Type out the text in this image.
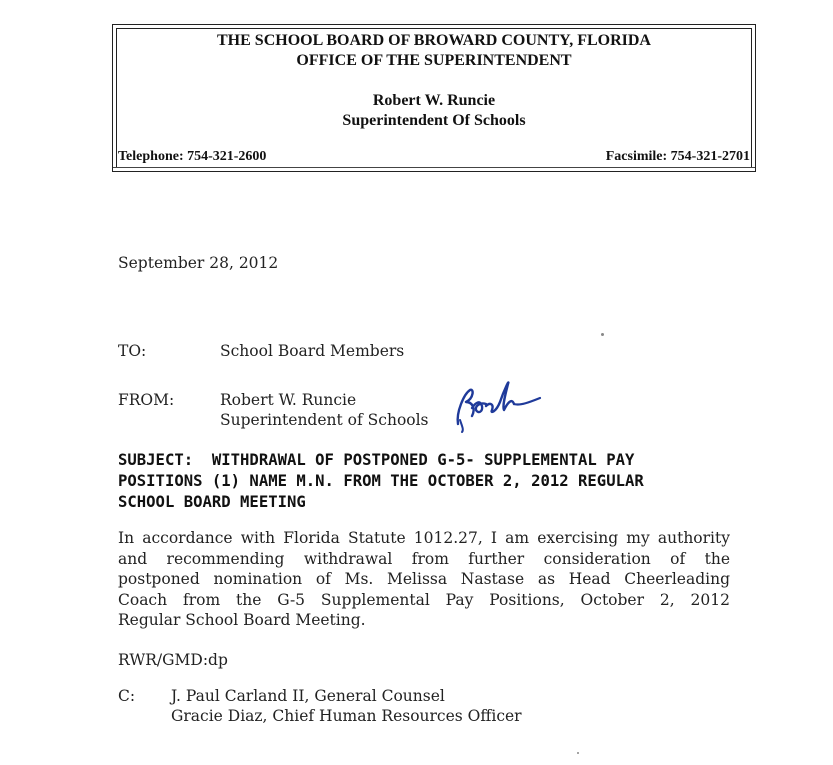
THE SCHOOL BOARD OF BROWARD COUNTY, FLORIDA
OFFICE OF THE SUPERINTENDENT
Robert W. Runcie
Superintendent Of Schools
Telephone: 754-321-2600	Facsimile: 754-321-2701
September 28, 2012
TO:	School Board Members
FROM:	Robert W. Runcie
Superintendent of Schools
SUBJECT:  WITHDRAWAL OF POSTPONED G-5- SUPPLEMENTAL PAY
POSITIONS (1) NAME M.N. FROM THE OCTOBER 2, 2012 REGULAR
SCHOOL BOARD MEETING
In accordance with Florida Statute 1012.27, I am exercising my authority
and recommending withdrawal from further consideration of the
postponed nomination of Ms. Melissa Nastase as Head Cheerleading
Coach from the G-5 Supplemental Pay Positions, October 2, 2012
Regular School Board Meeting.
RWR/GMD:dp
C: J. Paul Carland II, General Counsel
Gracie Diaz, Chief Human Resources Officer
